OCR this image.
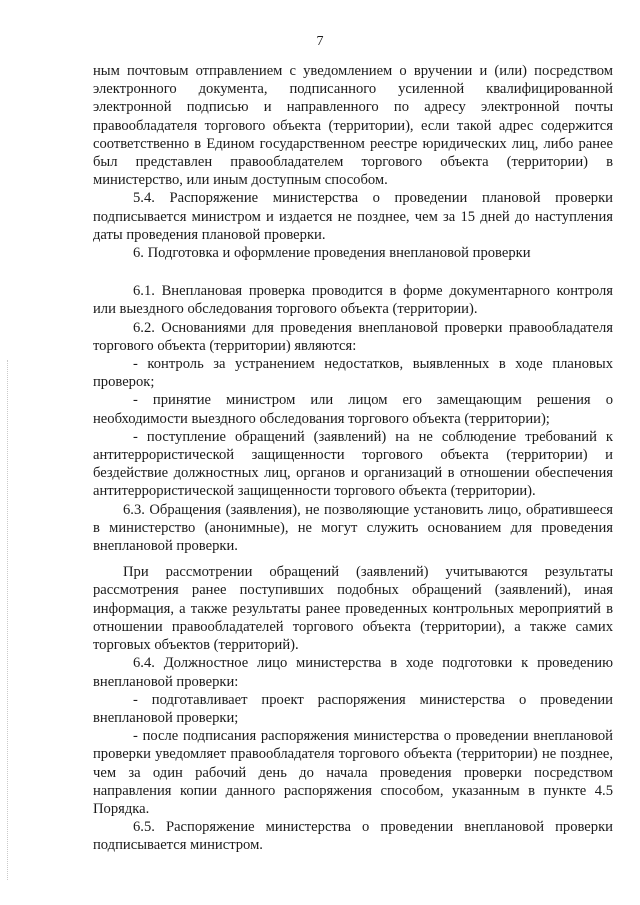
7

ным почтовым отправлением с уведомлением о вручении и (или) посредством электронного документа, подписанного усиленной квалифицированной электронной подписью и направленного по адресу электронной почты правообладателя торгового объекта (территории), если такой адрес содержится соответственно в Едином государственном реестре юридических лиц, либо ранее был представлен правообладателем торгового объекта (территории) в министерство, или иным доступным способом.

5.4. Распоряжение министерства о проведении плановой проверки подписывается министром и издается не позднее, чем за 15 дней до наступления даты проведения плановой проверки.

6. Подготовка и оформление проведения внеплановой проверки

6.1. Внеплановая проверка проводится в форме документарного контроля или выездного обследования торгового объекта (территории).

6.2. Основаниями для проведения внеплановой проверки правообладателя торгового объекта (территории) являются:

- контроль за устранением недостатков, выявленных в ходе плановых проверок;

- принятие министром или лицом его замещающим решения о необходимости выездного обследования торгового объекта (территории);

- поступление обращений (заявлений) на не соблюдение требований к антитеррористической защищенности торгового объекта (территории) и бездействие должностных лиц, органов и организаций в отношении обеспечения антитеррористической защищенности торгового объекта (территории).

6.3. Обращения (заявления), не позволяющие установить лицо, обратившееся в министерство (анонимные), не могут служить основанием для проведения внеплановой проверки.

При рассмотрении обращений (заявлений) учитываются результаты рассмотрения ранее поступивших подобных обращений (заявлений), иная информация, а также результаты ранее проведенных контрольных мероприятий в отношении правообладателей торгового объекта (территории), а также самих торговых объектов (территорий).

6.4. Должностное лицо министерства в ходе подготовки к проведению внеплановой проверки:

- подготавливает проект распоряжения министерства о проведении внеплановой проверки;

- после подписания распоряжения министерства о проведении внеплановой проверки уведомляет правообладателя торгового объекта (территории) не позднее, чем за один рабочий день до начала проведения проверки посредством направления копии данного распоряжения способом, указанным в пункте 4.5 Порядка.

6.5. Распоряжение министерства о проведении внеплановой проверки подписывается министром.
